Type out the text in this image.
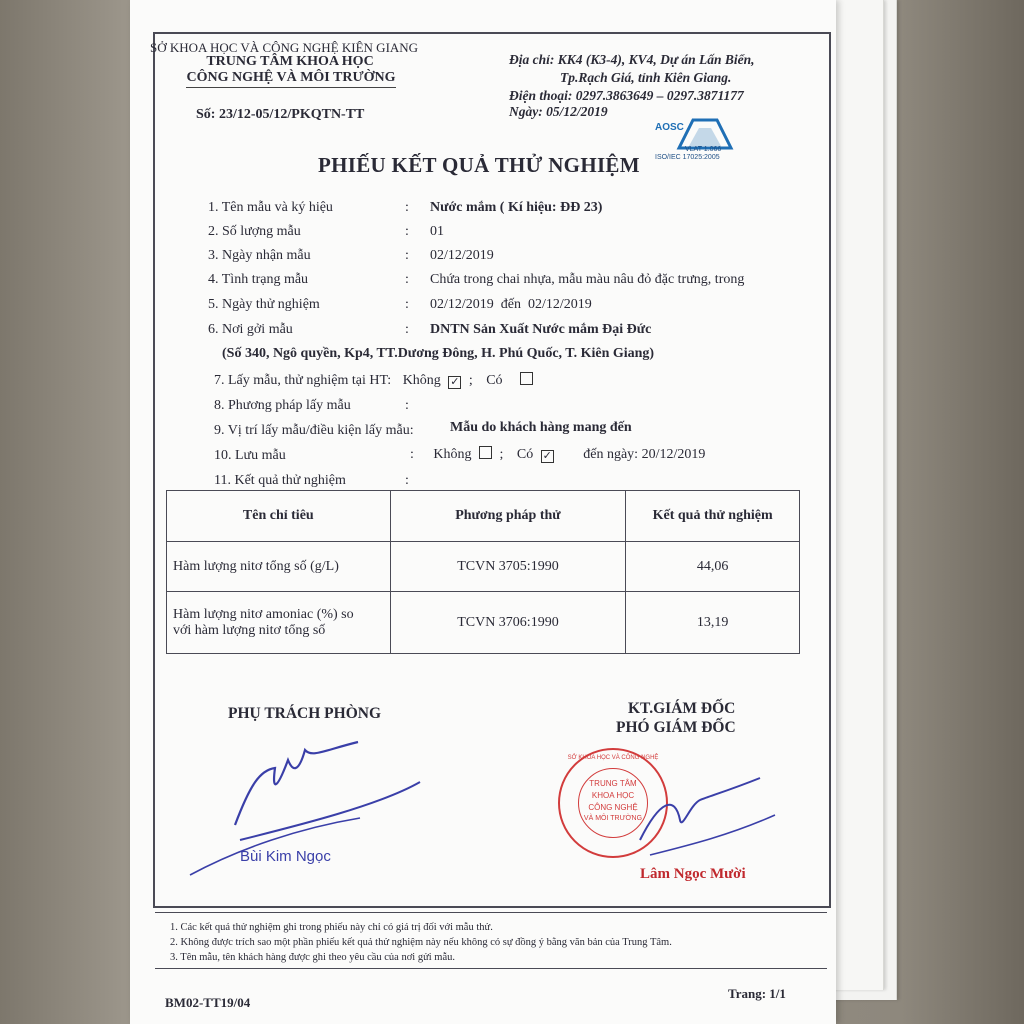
SỞ KHOA HỌC VÀ CÔNG NGHỆ KIÊN GIANG
TRUNG TÂM KHOA HỌC
CÔNG NGHỆ VÀ MÔI TRƯỜNG
Số: 23/12-05/12/PKQTN-TT
Địa chỉ: KK4 (K3-4), KV4, Dự án Lấn Biển,
Tp.Rạch Giá, tỉnh Kiên Giang.
Điện thoại: 0297.3863649 – 0297.3871177
Ngày: 05/12/2019
AOSC
VLAT 1.066
ISO/IEC 17025:2005
PHIẾU KẾT QUẢ THỬ NGHIỆM
1. Tên mẫu và ký hiệu	: Nước mắm ( Kí hiệu: ĐĐ 23)
2. Số lượng mẫu	: 01
3. Ngày nhận mẫu	: 02/12/2019
4. Tình trạng mẫu	: Chứa trong chai nhựa, mẫu màu nâu đỏ đặc trưng, trong
5. Ngày thử nghiệm	: 02/12/2019  đến  02/12/2019
6. Nơi gởi mẫu	: DNTN Sản Xuất Nước mắm Đại Đức
(Số 340, Ngô quyền, Kp4, TT.Dương Đông, H. Phú Quốc, T. Kiên Giang)
7. Lấy mẫu, thử nghiệm tại HT: Không ✓ ; Có
8. Phương pháp lấy mẫu	:
9. Vị trí lấy mẫu/điều kiện lấy mẫu:	Mẫu do khách hàng mang đến
10. Lưu mẫu	: Không ; Có ✓ đến ngày: 20/12/2019
11. Kết quả thử nghiệm	:
Tên chỉ tiêu	Phương pháp thử	Kết quả thử nghiệm
Hàm lượng nitơ tổng số (g/L)	TCVN 3705:1990	44,06

Hàm lượng nitơ amoniac (%) so
với hàm lượng nitơ tổng số	TCVN 3706:1990	13,19
PHỤ TRÁCH PHÒNG	KT.GIÁM ĐỐC
PHÓ GIÁM ĐỐC
Bùi Kim Ngọc
SỞ KHOA HỌC VÀ CÔNG NGHỆ
TRUNG TÂM
KHOA HỌC
CÔNG NGHỆ
VÀ MÔI TRƯỜNG
Lâm Ngọc Mười
1. Các kết quả thử nghiệm ghi trong phiếu này chỉ có giá trị đối với mẫu thử.
2. Không được trích sao một phần phiếu kết quả thử nghiệm này nếu không có sự đồng ý bằng văn bản của Trung Tâm.
3. Tên mẫu, tên khách hàng được ghi theo yêu cầu của nơi gửi mẫu.
BM02-TT19/04
Trang: 1/1
